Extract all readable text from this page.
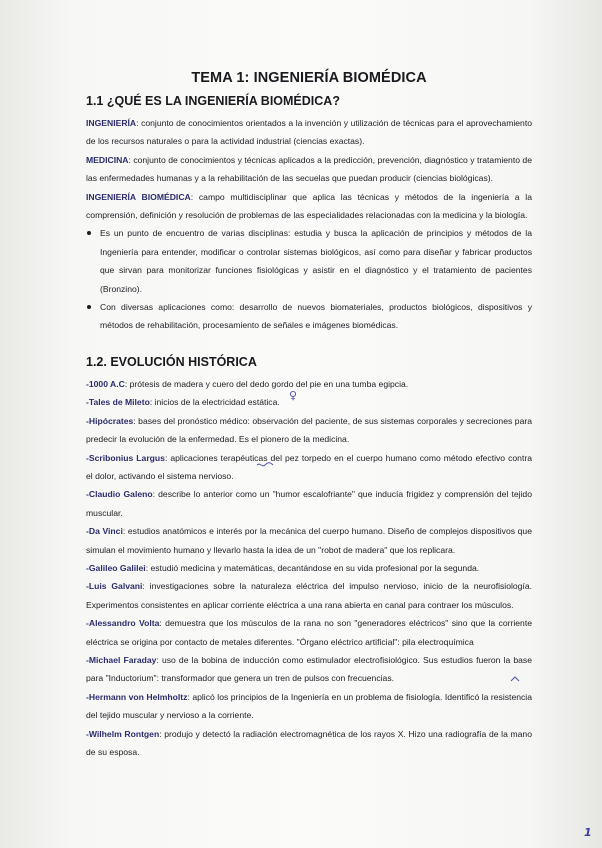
TEMA 1: INGENIERÍA BIOMÉDICA
1.1 ¿QUÉ ES LA INGENIERÍA BIOMÉDICA?

INGENIERÍA: conjunto de conocimientos orientados a la invención y utilización de técnicas para el aprovechamiento de los recursos naturales o para la actividad industrial (ciencias exactas).

MEDICINA: conjunto de conocimientos y técnicas aplicados a la predicción, prevención, diagnóstico y tratamiento de las enfermedades humanas y a la rehabilitación de las secuelas que puedan producir (ciencias biológicas).

INGENIERÍA BIOMÉDICA: campo multidisciplinar que aplica las técnicas y métodos de la ingeniería a la comprensión, definición y resolución de problemas de las especialidades relacionadas con la medicina y la biología.

Es un punto de encuentro de varias disciplinas: estudia y busca la aplicación de principios y métodos de la Ingeniería para entender, modificar o controlar sistemas biológicos, así como para diseñar y fabricar productos que sirvan para monitorizar funciones fisiológicas y asistir en el diagnóstico y el tratamiento de pacientes (Bronzino).
Con diversas aplicaciones como: desarrollo de nuevos biomateriales, productos biológicos, dispositivos y métodos de rehabilitación, procesamiento de señales e imágenes biomédicas.
1.2. EVOLUCIÓN HISTÓRICA

-1000 A.C: prótesis de madera y cuero del dedo gordo del pie en una tumba egipcia.

-Tales de Mileto: inicios de la electricidad estática.

-Hipócrates: bases del pronóstico médico: observación del paciente, de sus sistemas corporales y secreciones para predecir la evolución de la enfermedad. Es el pionero de la medicina.

-Scribonius Largus: aplicaciones terapéuticas del pez torpedo en el cuerpo humano como método efectivo contra el dolor, activando el sistema nervioso.

-Claudio Galeno: describe lo anterior como un "humor escalofriante" que inducía frigidez y comprensión del tejido muscular.

-Da Vinci: estudios anatómicos e interés por la mecánica del cuerpo humano. Diseño de complejos dispositivos que simulan el movimiento humano y llevarlo hasta la idea de un "robot de madera" que los replicara.

-Galileo Galilei: estudió medicina y matemáticas, decantándose en su vida profesional por la segunda.

-Luis Galvani: investigaciones sobre la naturaleza eléctrica del impulso nervioso, inicio de la neurofisiología. Experimentos consistentes en aplicar corriente eléctrica a una rana abierta en canal para contraer los músculos.

-Alessandro Volta: demuestra que los músculos de la rana no son "generadores eléctricos" sino que la corriente eléctrica se origina por contacto de metales diferentes. "Órgano eléctrico artificial": pila electroquímica

-Michael Faraday: uso de la bobina de inducción como estimulador electrofisiológico. Sus estudios fueron la base para "Inductorium": transformador que genera un tren de pulsos con frecuencias.

-Hermann von Helmholtz: aplicó los principios de la Ingeniería en un problema de fisiología. Identificó la resistencia del tejido muscular y nervioso a la corriente.

-Wilhelm Rontgen: produjo y detectó la radiación electromagnética de los rayos X. Hizo una radiografía de la mano de su esposa.

♀
1
